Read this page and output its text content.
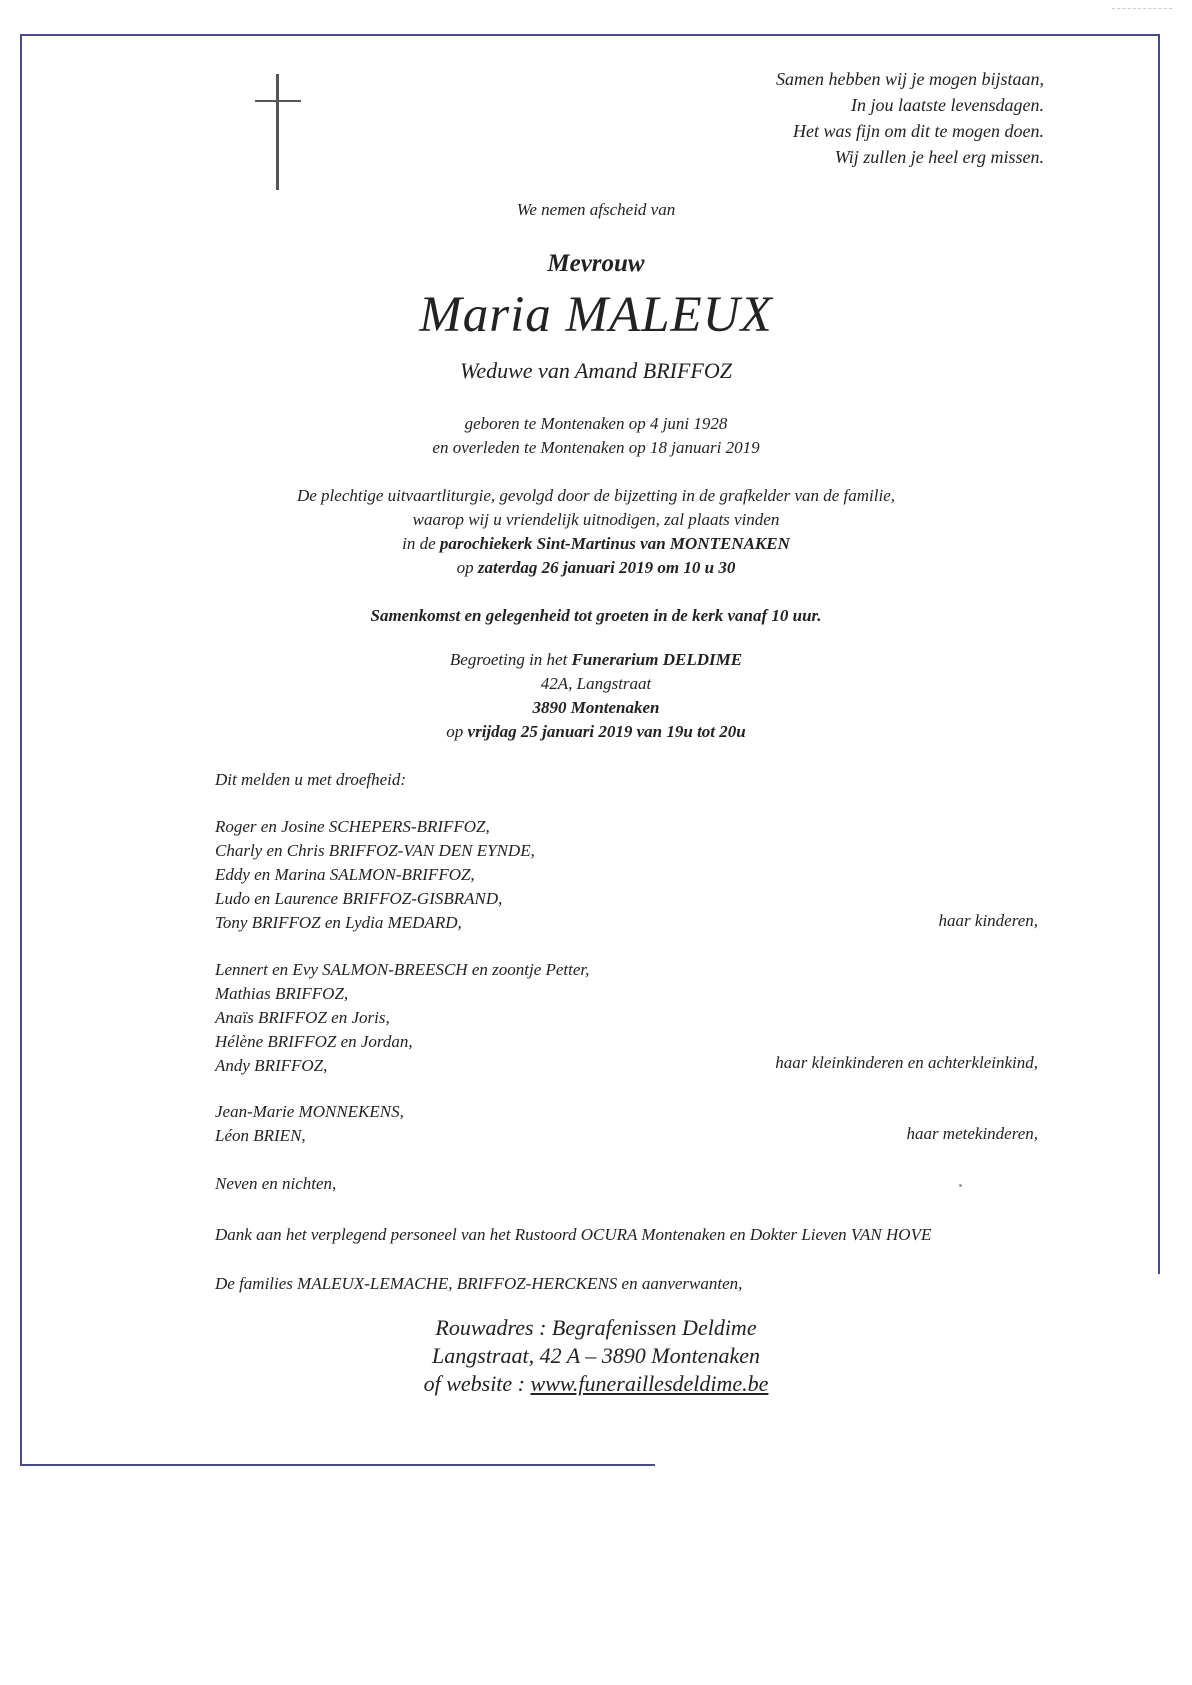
Samen hebben wij je mogen bijstaan,
In jou laatste levensdagen.
Het was fijn om dit te mogen doen.
Wij zullen je heel erg missen.
We nemen afscheid van
Mevrouw
Maria MALEUX
Weduwe van Amand BRIFFOZ
geboren te Montenaken op 4 juni 1928
en overleden te Montenaken op 18 januari 2019
De plechtige uitvaartliturgie, gevolgd door de bijzetting in de grafkelder van de familie,
waarop wij u vriendelijk uitnodigen, zal plaats vinden
in de parochiekerk Sint-Martinus van MONTENAKEN
op zaterdag 26 januari 2019 om 10 u 30
Samenkomst en gelegenheid tot groeten in de kerk vanaf 10 uur.
Begroeting in het Funerarium DELDIME
42A, Langstraat
3890 Montenaken
op vrijdag 25 januari 2019 van 19u tot 20u
Dit melden u met droefheid:
Roger en Josine SCHEPERS-BRIFFOZ,
Charly en Chris BRIFFOZ-VAN DEN EYNDE,
Eddy en Marina SALMON-BRIFFOZ,
Ludo en Laurence BRIFFOZ-GISBRAND,
Tony BRIFFOZ en Lydia MEDARD,	haar kinderen,
Lennert en Evy SALMON-BREESCH en zoontje Petter,
Mathias BRIFFOZ,
Anaïs BRIFFOZ en Joris,
Hélène BRIFFOZ en Jordan,
Andy BRIFFOZ,	haar kleinkinderen en achterkleinkind,
Jean-Marie MONNEKENS,
Léon BRIEN,	haar metekinderen,
Neven en nichten,
Dank aan het verplegend personeel van het Rustoord OCURA Montenaken en Dokter Lieven VAN HOVE
De families MALEUX-LEMACHE, BRIFFOZ-HERCKENS en aanverwanten,
Rouwadres : Begrafenissen Deldime
Langstraat, 42 A – 3890 Montenaken
of website : www.funeraillesdeldime.be
